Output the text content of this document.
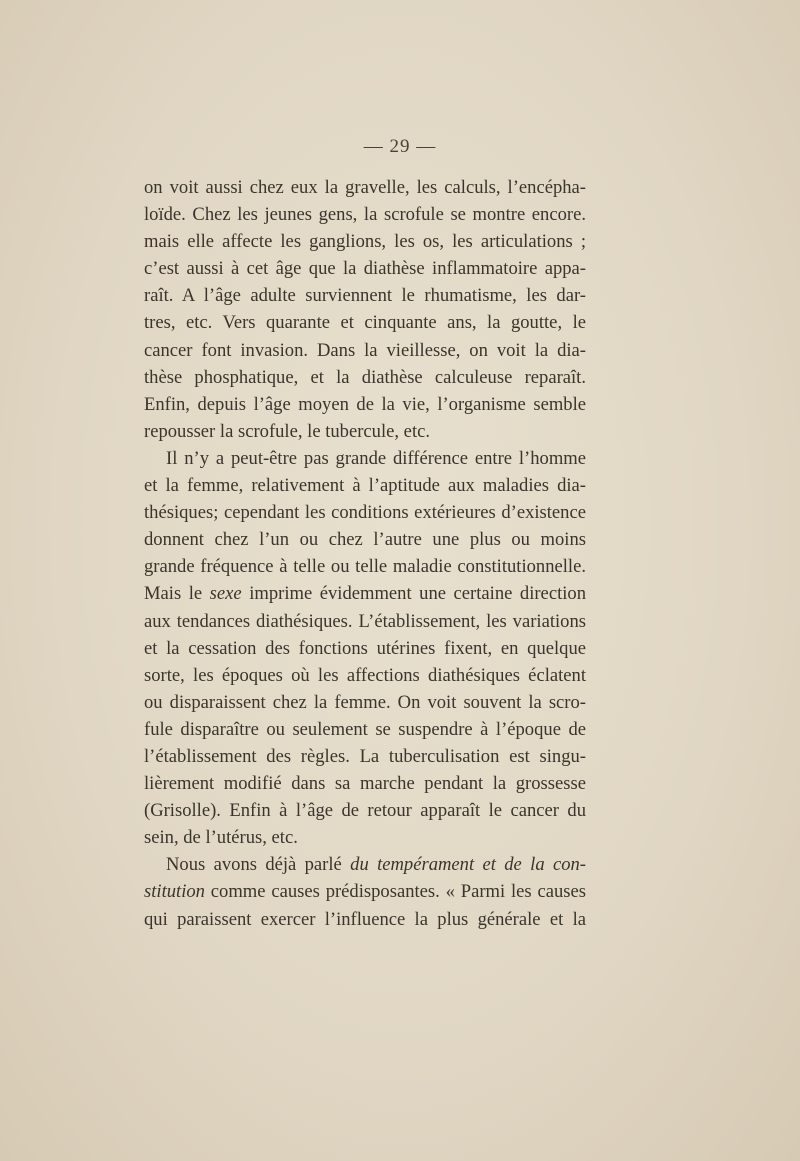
— 29 —
on voit aussi chez eux la gravelle, les calculs, l’encépha-
loïde. Chez les jeunes gens, la scrofule se montre encore.
mais elle affecte les ganglions, les os, les articulations ;
c’est aussi à cet âge que la diathèse inflammatoire appa-
raît. A l’âge adulte surviennent le rhumatisme, les dar-
tres, etc. Vers quarante et cinquante ans, la goutte, le
cancer font invasion. Dans la vieillesse, on voit la dia-
thèse phosphatique, et la diathèse calculeuse reparaît.
Enfin, depuis l’âge moyen de la vie, l’organisme semble
repousser la scrofule, le tubercule, etc.
Il n’y a peut-être pas grande différence entre l’homme
et la femme, relativement à l’aptitude aux maladies dia-
thésiques; cependant les conditions extérieures d’existence
donnent chez l’un ou chez l’autre une plus ou moins
grande fréquence à telle ou telle maladie constitutionnelle.
Mais le sexe imprime évidemment une certaine direction
aux tendances diathésiques. L’établissement, les variations
et la cessation des fonctions utérines fixent, en quelque
sorte, les époques où les affections diathésiques éclatent
ou disparaissent chez la femme. On voit souvent la scro-
fule disparaître ou seulement se suspendre à l’époque de
l’établissement des règles. La tuberculisation est singu-
lièrement modifié dans sa marche pendant la grossesse
(Grisolle). Enfin à l’âge de retour apparaît le cancer du
sein, de l’utérus, etc.
Nous avons déjà parlé du tempérament et de la con-
stitution comme causes prédisposantes. « Parmi les causes
qui paraissent exercer l’influence la plus générale et la
